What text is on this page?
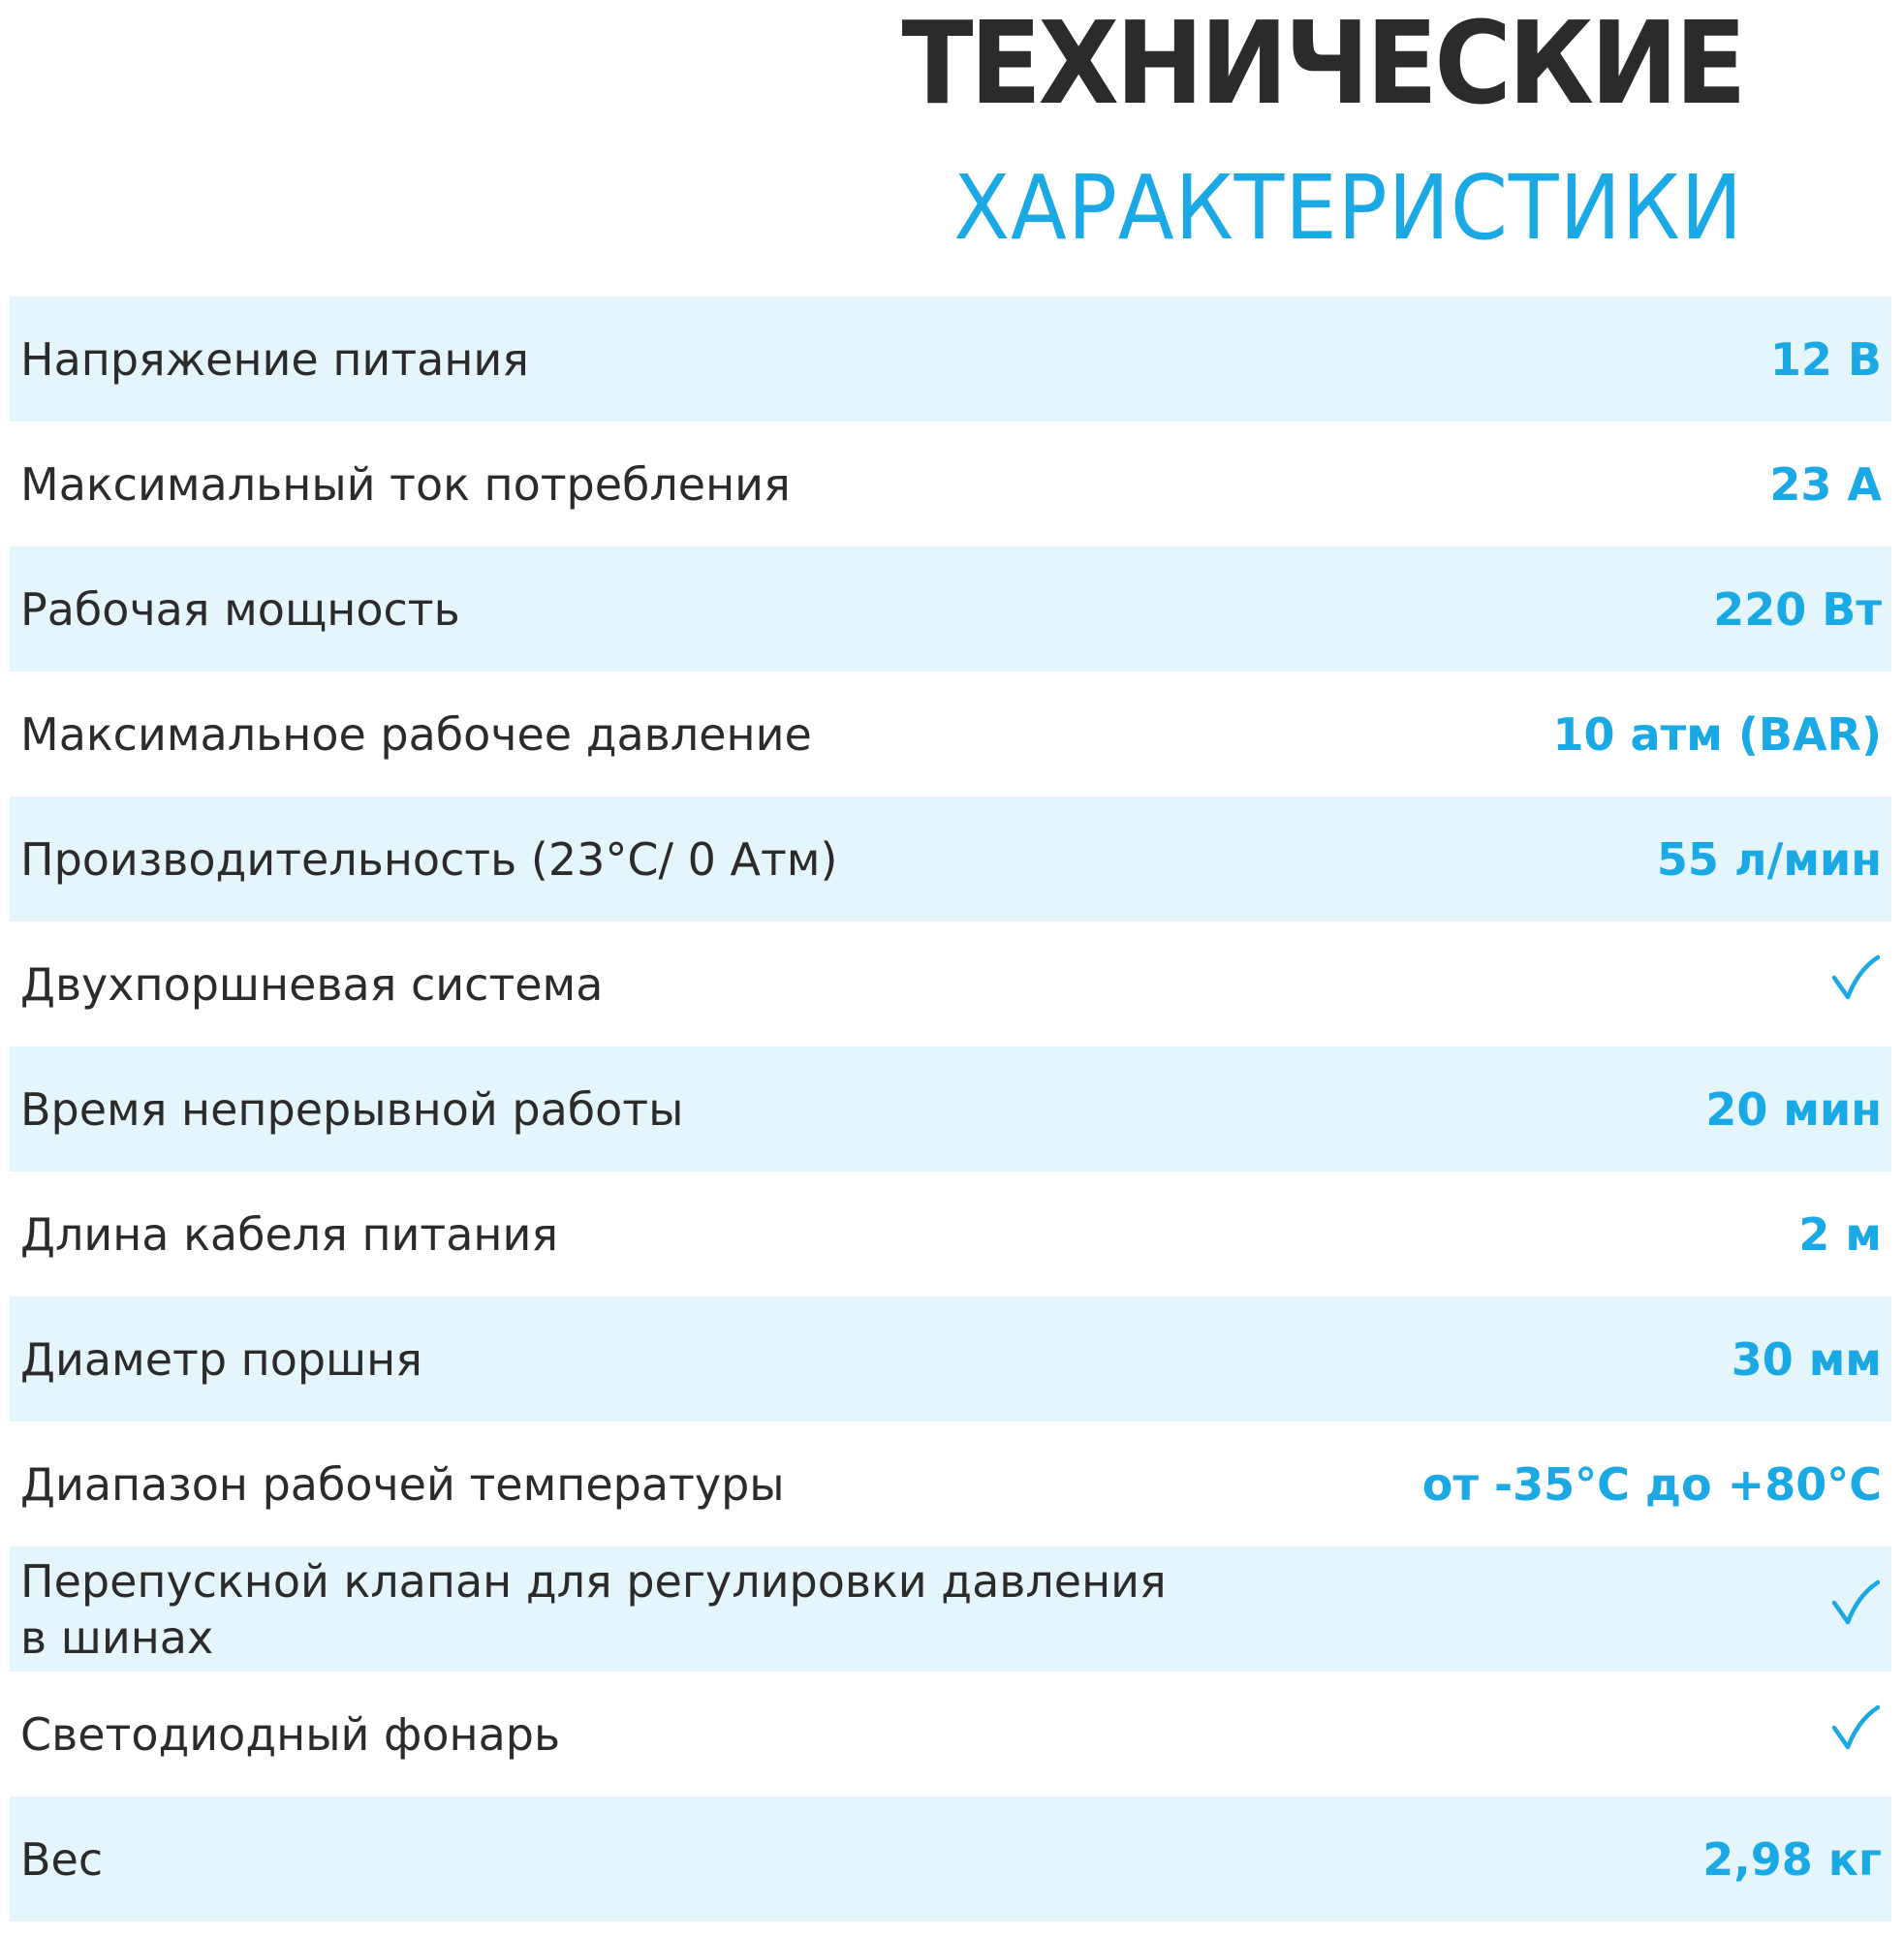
ТЕХНИЧЕСКИЕ
ХАРАКТЕРИСТИКИ
Напряжение питания	12 В
Максимальный ток потребления	23 А
Рабочая мощность	220 Вт
Максимальное рабочее давление	10 атм (BAR)
Производительность (23°C/ 0 Атм)	55 л/мин
Двухпоршневая система
Время непрерывной работы	20 мин
Длина кабеля питания	2 м
Диаметр поршня	30 мм
Диапазон рабочей температуры	от -35°С до +80°С
Перепускной клапан для регулировки давления в шинах
Светодиодный фонарь
Вес	2,98 кг
